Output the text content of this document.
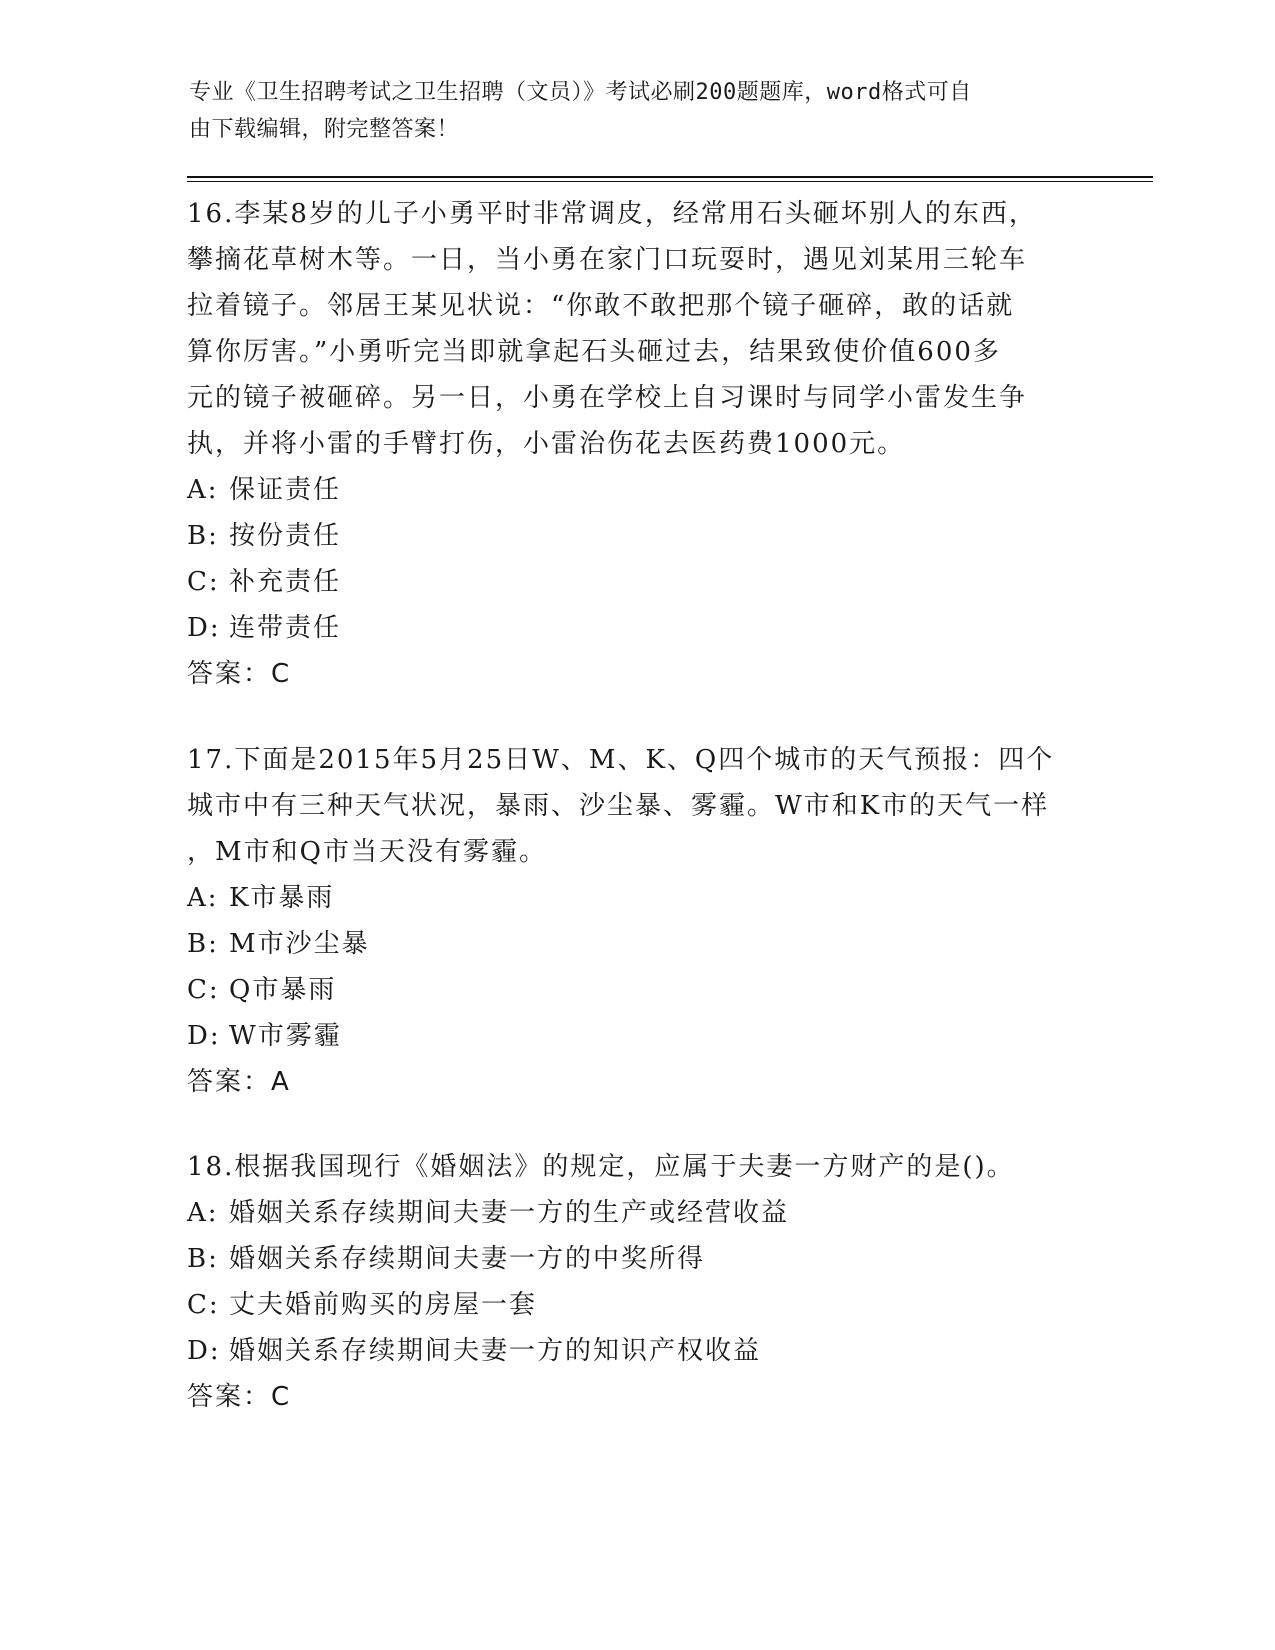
专业《卫生招聘考试之卫生招聘（文员）》考试必刷200题题库，word格式可自
由下载编辑，附完整答案！

16.李某8岁的儿子小勇平时非常调皮，经常用石头砸坏别人的东西，

攀摘花草树木等。一日，当小勇在家门口玩耍时，遇见刘某用三轮车

拉着镜子。邻居王某见状说：“你敢不敢把那个镜子砸碎，敢的话就

算你厉害。”小勇听完当即就拿起石头砸过去，结果致使价值600多

元的镜子被砸碎。另一日，小勇在学校上自习课时与同学小雷发生争

执，并将小雷的手臂打伤，小雷治伤花去医药费1000元。

A: 保证责任
B: 按份责任
C: 补充责任
D: 连带责任

答案：C

17.下面是2015年5月25日W、M、K、Q四个城市的天气预报：四个

城市中有三种天气状况，暴雨、沙尘暴、雾霾。W市和K市的天气一样

，M市和Q市当天没有雾霾。

A: K市暴雨
B: M市沙尘暴
C: Q市暴雨
D: W市雾霾

答案：A

18.根据我国现行《婚姻法》的规定，应属于夫妻一方财产的是()。

A: 婚姻关系存续期间夫妻一方的生产或经营收益
B: 婚姻关系存续期间夫妻一方的中奖所得
C: 丈夫婚前购买的房屋一套
D: 婚姻关系存续期间夫妻一方的知识产权收益

答案：C
